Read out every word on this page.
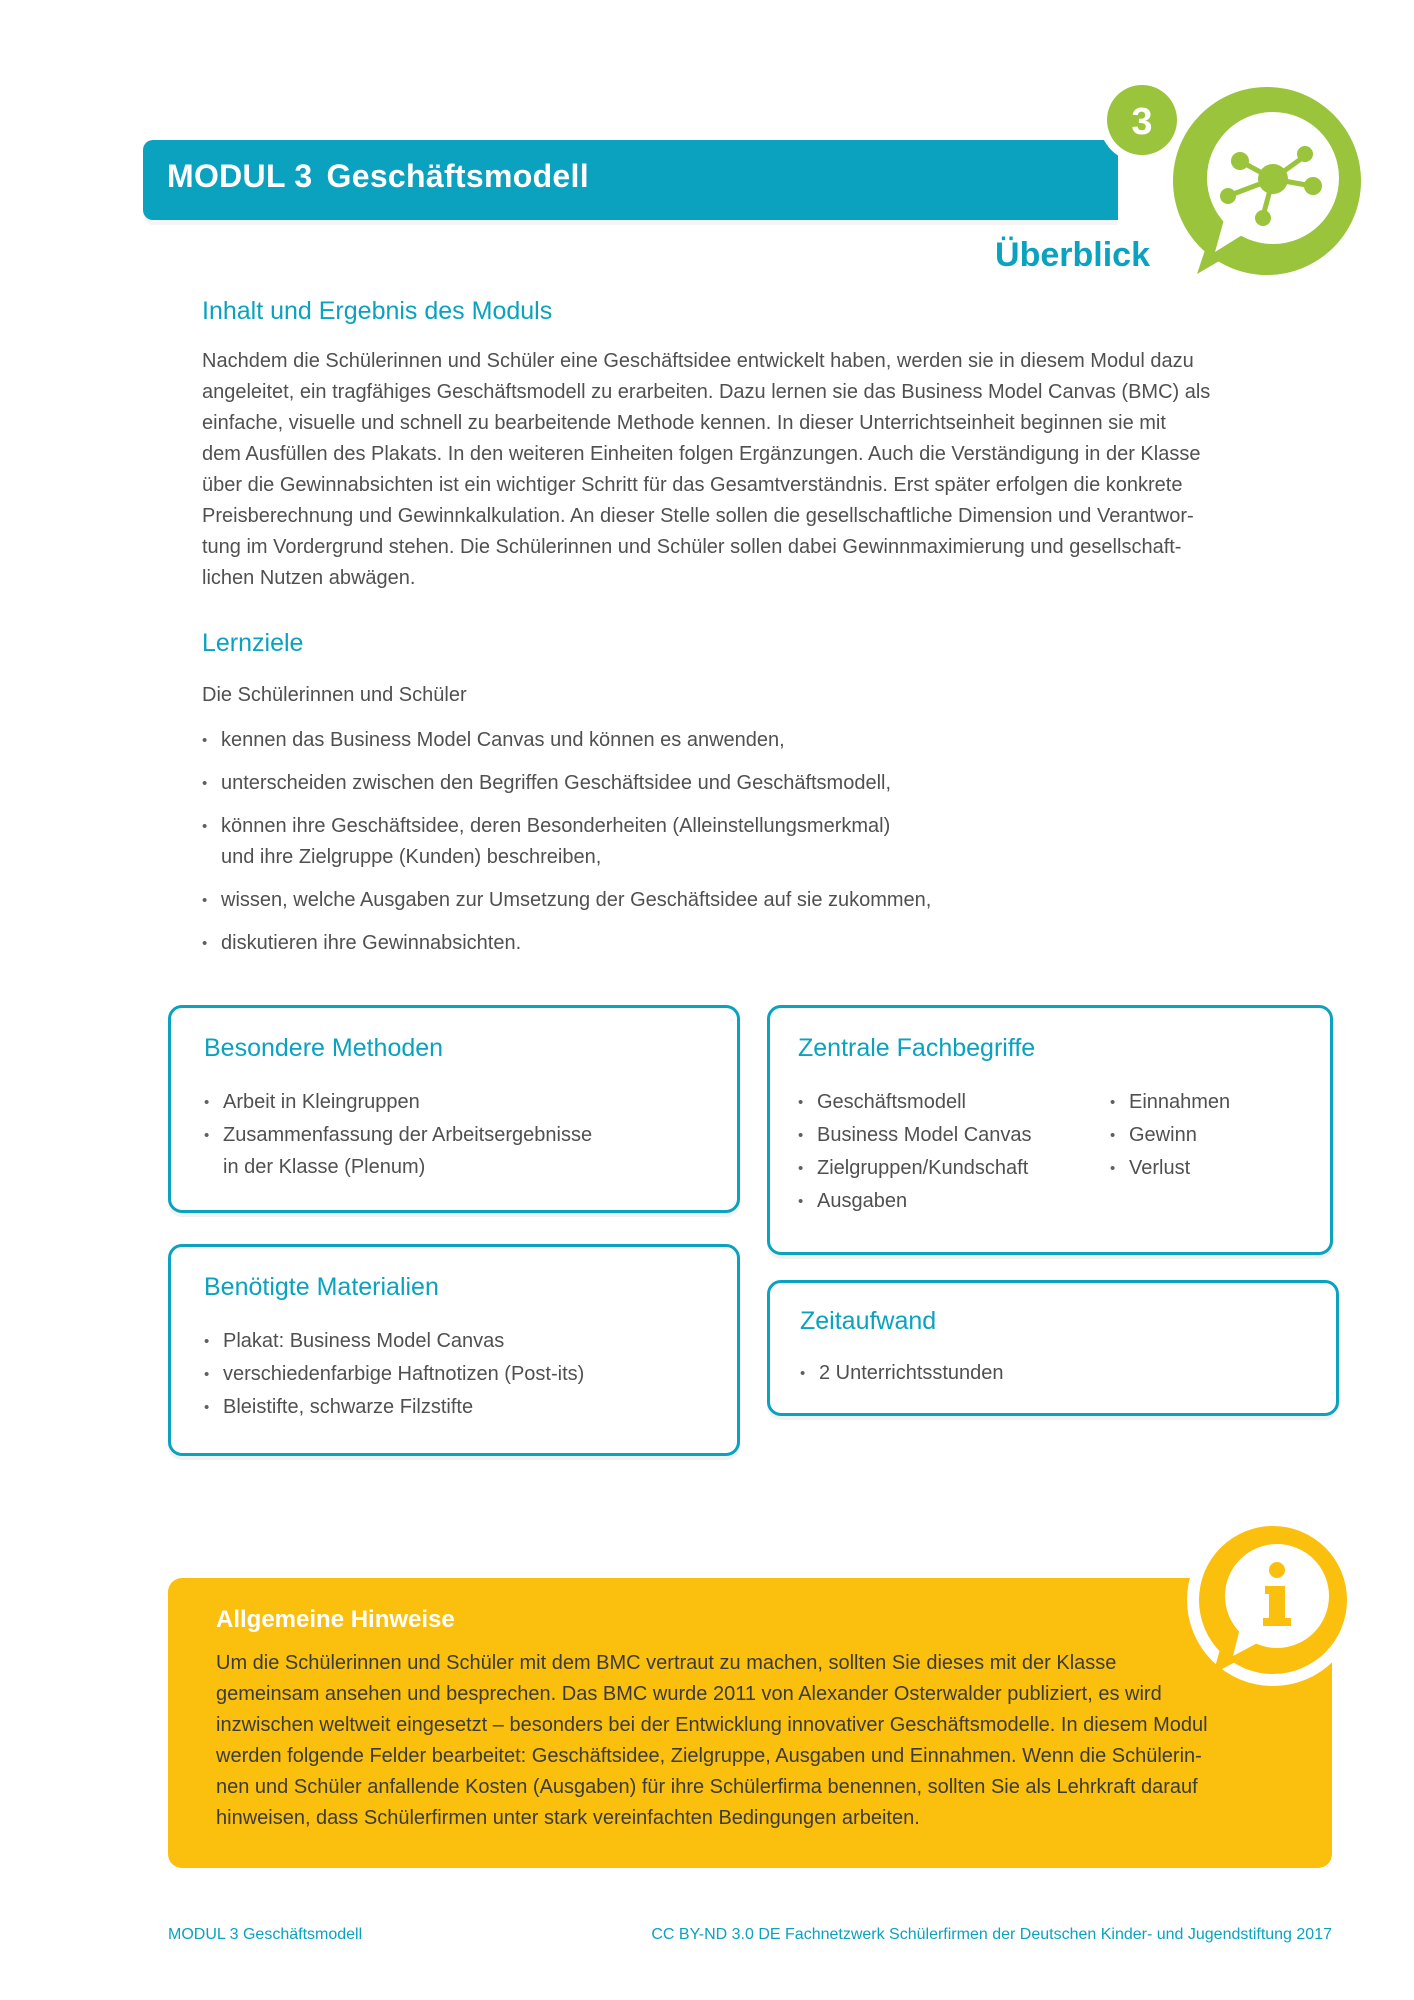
MODUL 3 Geschäftsmodell
3
Überblick
Inhalt und Ergebnis des Moduls
Nachdem die Schülerinnen und Schüler eine Geschäftsidee entwickelt haben, werden sie in diesem Modul dazu
angeleitet, ein tragfähiges Geschäftsmodell zu erarbeiten. Dazu lernen sie das Business Model Canvas (BMC) als
einfache, visuelle und schnell zu bearbeitende Methode kennen. In dieser Unterrichtseinheit beginnen sie mit
dem Ausfüllen des Plakats. In den weiteren Einheiten folgen Ergänzungen. Auch die Verständigung in der Klasse
über die Gewinnabsichten ist ein wichtiger Schritt für das Gesamtverständnis. Erst später erfolgen die konkrete
Preisberechnung und Gewinnkalkulation. An dieser Stelle sollen die gesellschaftliche Dimension und Verantwor-
tung im Vordergrund stehen. Die Schülerinnen und Schüler sollen dabei Gewinnmaximierung und gesellschaft-
lichen Nutzen abwägen.
Lernziele
Die Schülerinnen und Schüler
• kennen das Business Model Canvas und können es anwenden,
• unterscheiden zwischen den Begriffen Geschäftsidee und Geschäftsmodell,
• können ihre Geschäftsidee, deren Besonderheiten (Alleinstellungsmerkmal)
und ihre Zielgruppe (Kunden) beschreiben,
• wissen, welche Ausgaben zur Umsetzung der Geschäftsidee auf sie zukommen,
• diskutieren ihre Gewinnabsichten.
Besondere Methoden
• Arbeit in Kleingruppen
• Zusammenfassung der Arbeitsergebnisse
in der Klasse (Plenum)
Benötigte Materialien
• Plakat: Business Model Canvas
• verschiedenfarbige Haftnotizen (Post-its)
• Bleistifte, schwarze Filzstifte
Zentrale Fachbegriffe
• Geschäftsmodell
• Business Model Canvas
• Zielgruppen/Kundschaft
• Ausgaben
• Einnahmen
• Gewinn
• Verlust
Zeitaufwand
• 2 Unterrichtsstunden
Allgemeine Hinweise
Um die Schülerinnen und Schüler mit dem BMC vertraut zu machen, sollten Sie dieses mit der Klasse
gemeinsam ansehen und besprechen. Das BMC wurde 2011 von Alexander Osterwalder publiziert, es wird
inzwischen weltweit eingesetzt – besonders bei der Entwicklung innovativer Geschäftsmodelle. In diesem Modul
werden folgende Felder bearbeitet: Geschäftsidee, Zielgruppe, Ausgaben und Einnahmen. Wenn die Schülerin-
nen und Schüler anfallende Kosten (Ausgaben) für ihre Schülerfirma benennen, sollten Sie als Lehrkraft darauf
hinweisen, dass Schülerfirmen unter stark vereinfachten Bedingungen arbeiten.
MODUL 3 Geschäftsmodell	CC BY-ND 3.0 DE Fachnetzwerk Schülerfirmen der Deutschen Kinder- und Jugendstiftung 2017
